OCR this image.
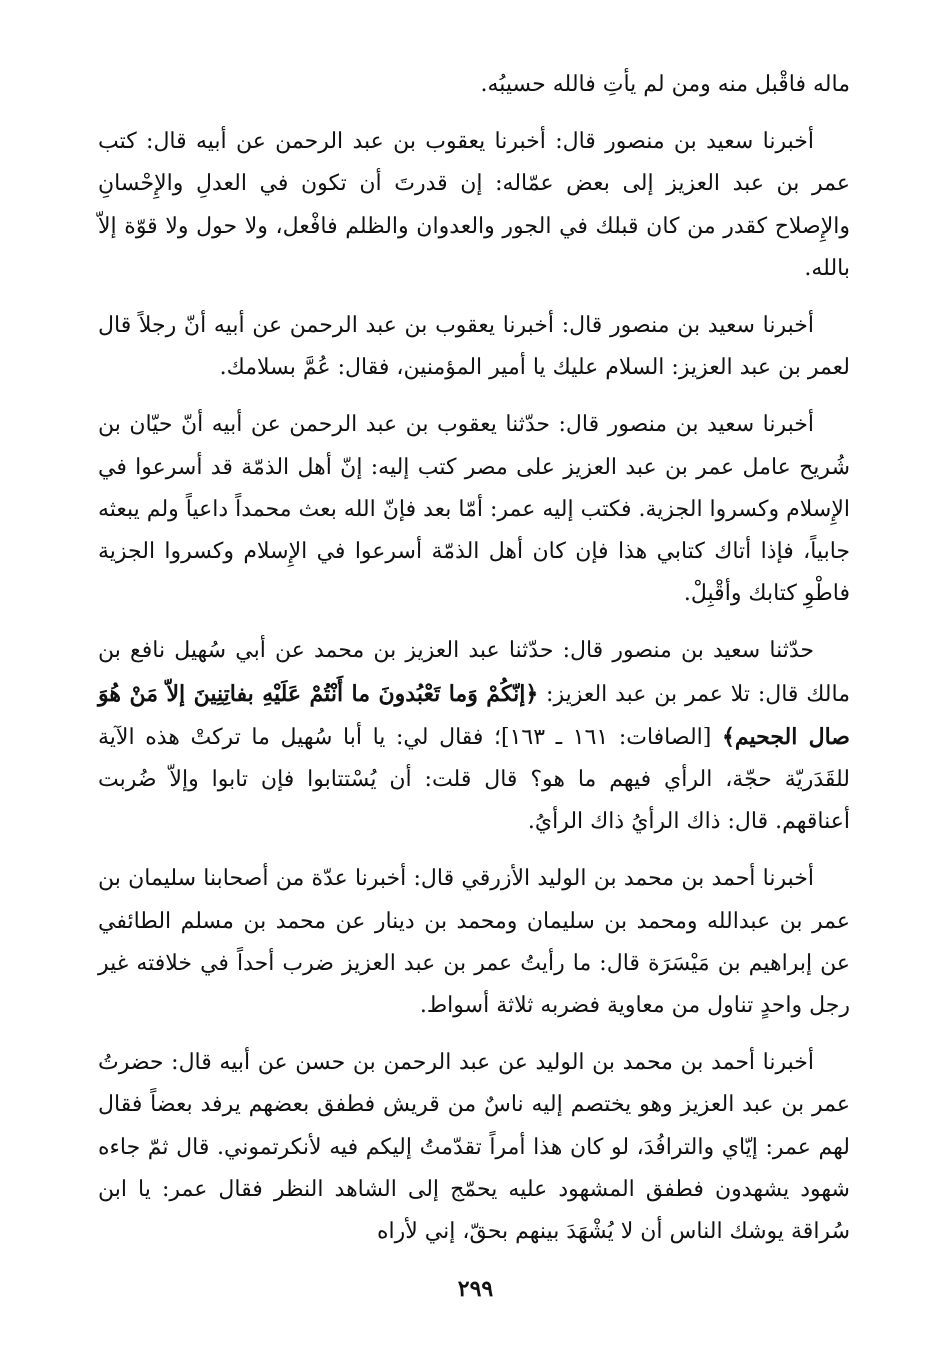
ماله فاقْبل منه ومن لم يأتِ فالله حسيبُه.

أخبرنا سعيد بن منصور قال: أخبرنا يعقوب بن عبد الرحمن عن أبيه قال: كتب عمر بن عبد العزيز إلى بعض عمّاله: إن قدرتَ أن تكون في العدلِ والإِحْسانِ والإِصلاح كقدر من كان قبلك في الجور والعدوان والظلم فافْعل، ولا حول ولا قوّة إلاّ بالله.

أخبرنا سعيد بن منصور قال: أخبرنا يعقوب بن عبد الرحمن عن أبيه أنّ رجلاً قال لعمر بن عبد العزيز: السلام عليك يا أمير المؤمنين، فقال: عُمَّ بسلامك.

أخبرنا سعيد بن منصور قال: حدّثنا يعقوب بن عبد الرحمن عن أبيه أنّ حيّان بن شُريح عامل عمر بن عبد العزيز على مصر كتب إليه: إنّ أهل الذمّة قد أسرعوا في الإِسلام وكسروا الجزية. فكتب إليه عمر: أمّا بعد فإنّ الله بعث محمداً داعياً ولم يبعثه جابياً، فإذا أتاك كتابي هذا فإن كان أهل الذمّة أسرعوا في الإِسلام وكسروا الجزية فاطْوِ كتابك وأقْبِلْ.

حدّثنا سعيد بن منصور قال: حدّثنا عبد العزيز بن محمد عن أبي سُهيل نافع بن مالك قال: تلا عمر بن عبد العزيز: ﴿إنّكُمْ وَما تَعْبُدونَ ما أَنْتُمْ عَلَيْهِ بفاتِنِينَ إلاّ مَنْ هُوَ صال الجحيم﴾ [الصافات: ١٦١ ـ ١٦٣]؛ فقال لي: يا أبا سُهيل ما تركتْ هذه الآية للقَدَريّة حجّة، الرأي فيهم ما هو؟ قال قلت: أن يُسْتتابوا فإن تابوا وإلاّ ضُربت أعناقهم. قال: ذاك الرأيُ ذاك الرأيُ.

أخبرنا أحمد بن محمد بن الوليد الأزرقي قال: أخبرنا عدّة من أصحابنا سليمان بن عمر بن عبدالله ومحمد بن سليمان ومحمد بن دينار عن محمد بن مسلم الطائفي عن إبراهيم بن مَيْسَرَة قال: ما رأيتُ عمر بن عبد العزيز ضرب أحداً في خلافته غير رجل واحدٍ تناول من معاوية فضربه ثلاثة أسواط.

أخبرنا أحمد بن محمد بن الوليد عن عبد الرحمن بن حسن عن أبيه قال: حضرتُ عمر بن عبد العزيز وهو يختصم إليه ناسٌ من قريش فطفق بعضهم يرفد بعضاً فقال لهم عمر: إيّاي والترافُدَ، لو كان هذا أمراً تقدّمتُ إليكم فيه لأنكرتموني. قال ثمّ جاءه شهود يشهدون فطفق المشهود عليه يحمّج إلى الشاهد النظر فقال عمر: يا ابن سُراقة يوشك الناس أن لا يُشْهَدَ بينهم بحقّ، إني لأراه

٢٩٩
